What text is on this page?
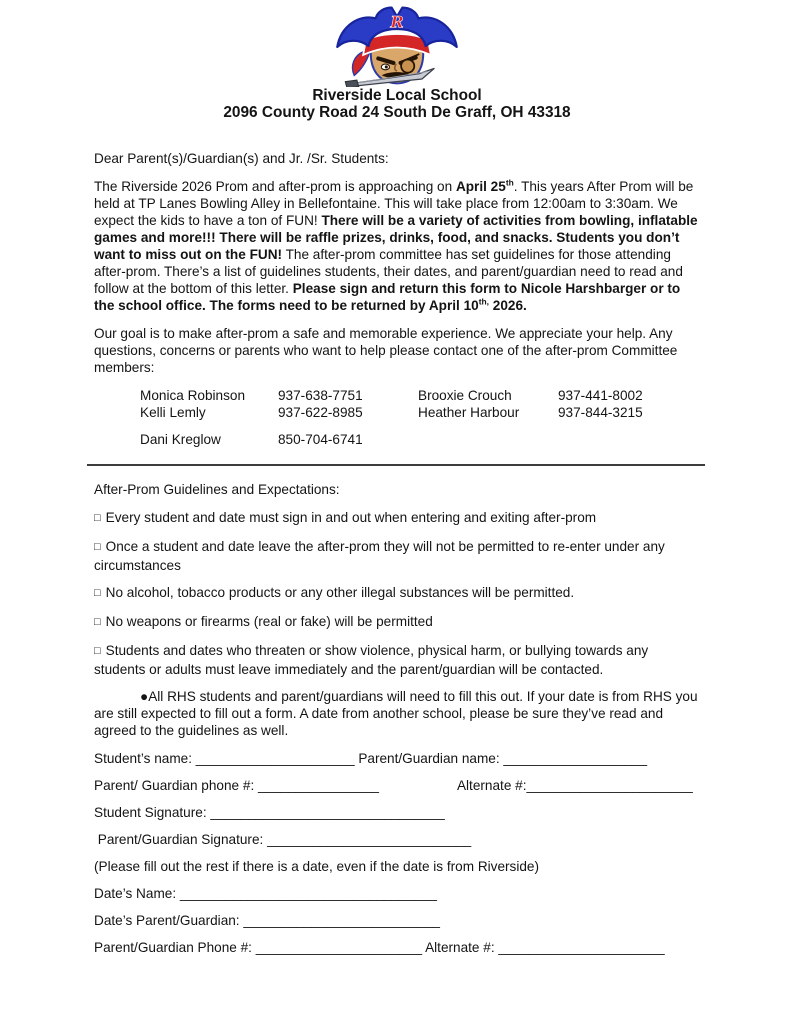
R
Riverside Local School
2096 County Road 24 South De Graff, OH 43318

Dear Parent(s)/Guardian(s) and Jr. /Sr. Students:

The Riverside 2026 Prom and after-prom is approaching on April 25th. This years After Prom will be held at TP Lanes Bowling Alley in Bellefontaine. This will take place from 12:00am to 3:30am. We expect the kids to have a ton of FUN! There will be a variety of activities from bowling, inflatable games and more!!! There will be raffle prizes, drinks, food, and snacks. Students you don’t want to miss out on the FUN! The after-prom committee has set guidelines for those attending after-prom. There’s a list of guidelines students, their dates, and parent/guardian need to read and follow at the bottom of this letter. Please sign and return this form to Nicole Harshbarger or to the school office. The forms need to be returned by April $10^{th,}$ 2026.

Our goal is to make after-prom a safe and memorable experience. We appreciate your help. Any questions, concerns or parents who want to help please contact one of the after-prom Committee members:

Monica Robinson	937-638-7751	Brooxie Crouch	937-441-8002
Kelli Lemly	937-622-8985	Heather Harbour	937-844-3215
Dani Kreglow	850-704-6741

After-Prom Guidelines and Expectations:

□ Every student and date must sign in and out when entering and exiting after-prom

□ Once a student and date leave the after-prom they will not be permitted to re-enter under any circumstances

□ No alcohol, tobacco products or any other illegal substances will be permitted.

□ No weapons or firearms (real or fake) will be permitted

□ Students and dates who threaten or show violence, physical harm, or bullying towards any students or adults must leave immediately and the parent/guardian will be contacted.

●All RHS students and parent/guardians will need to fill this out. If your date is from RHS you are still expected to fill out a form. A date from another school, please be sure they’ve read and agreed to the guidelines as well.

Student’s name: _____________________ Parent/Guardian name: ___________________

Parent/ Guardian phone #: ________________	Alternate #:______________________

Student Signature: _______________________________

Parent/Guardian Signature: ___________________________

(Please fill out the rest if there is a date, even if the date is from Riverside)

Date’s Name: __________________________________

Date’s Parent/Guardian: __________________________

Parent/Guardian Phone #: ______________________ Alternate #: ______________________
